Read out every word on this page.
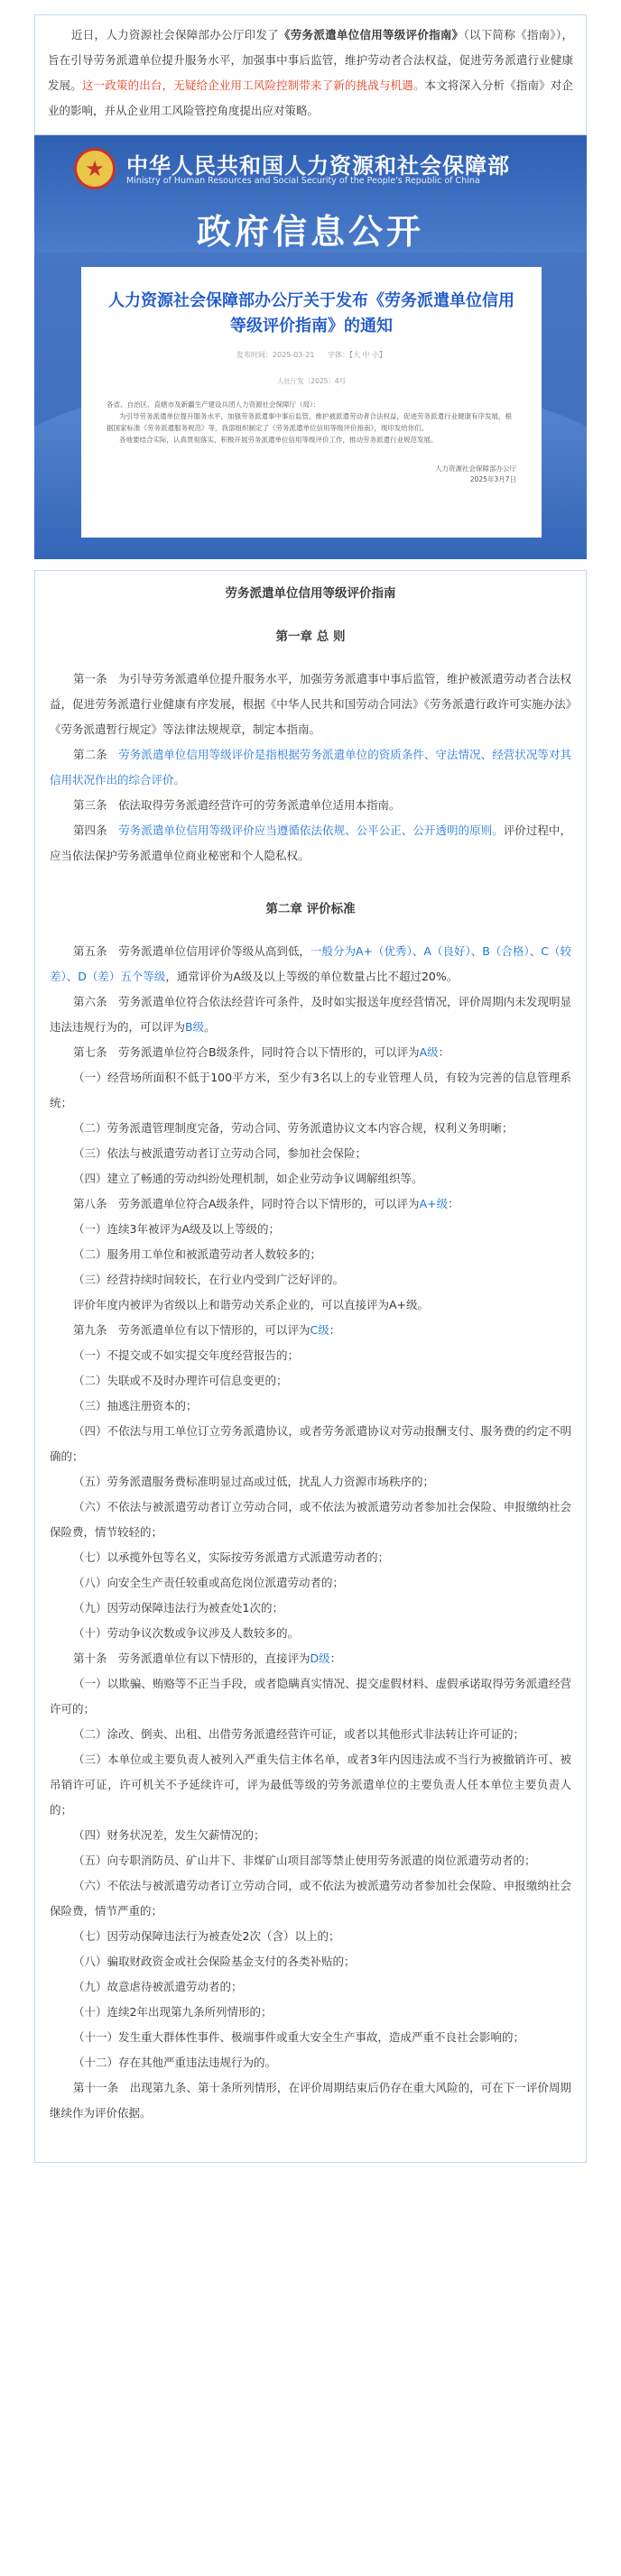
近日，人力资源社会保障部办公厅印发了《劳务派遣单位信用等级评价指南》（以下简称《指南》），旨在引导劳务派遣单位提升服务水平，加强事中事后监管，维护劳动者合法权益，促进劳务派遣行业健康发展。这一政策的出台，无疑给企业用工风险控制带来了新的挑战与机遇。本文将深入分析《指南》对企业的影响，并从企业用工风险管控角度提出应对策略。

★ 中华人民共和国人力资源和社会保障部
Ministry of Human Resources and Social Security of the People's Republic of China
政府信息公开
人力资源社会保障部办公厅关于发布《劳务派遣单位信用等级评价指南》的通知
发布时间：2025-03-21 字体：【大 中 小】
人社厅发〔2025〕4号
各省、自治区、直辖市及新疆生产建设兵团人力资源社会保障厅（局）：

为引导劳务派遣单位提升服务水平，加强劳务派遣事中事后监管，维护被派遣劳动者合法权益，促进劳务派遣行业健康有序发展，根据国家标准《劳务派遣服务规范》等，我部组织制定了《劳务派遣单位信用等级评价指南》，现印发给你们。

各地要结合实际，认真贯彻落实，积极开展劳务派遣单位信用等级评价工作，推动劳务派遣行业规范发展。

人力资源社会保障部办公厅
2025年3月7日
劳务派遣单位信用等级评价指南
第一章 总 则

第一条　为引导劳务派遣单位提升服务水平，加强劳务派遣事中事后监管，维护被派遣劳动者合法权益，促进劳务派遣行业健康有序发展，根据《中华人民共和国劳动合同法》《劳务派遣行政许可实施办法》《劳务派遣暂行规定》等法律法规规章，制定本指南。

第二条　劳务派遣单位信用等级评价是指根据劳务派遣单位的资质条件、守法情况、经营状况等对其信用状况作出的综合评价。

第三条　依法取得劳务派遣经营许可的劳务派遣单位适用本指南。

第四条　劳务派遣单位信用等级评价应当遵循依法依规、公平公正、公开透明的原则。评价过程中，应当依法保护劳务派遣单位商业秘密和个人隐私权。

第二章 评价标准

第五条　劳务派遣单位信用评价等级从高到低，一般分为A+（优秀）、A（良好）、B（合格）、C（较差）、D（差）五个等级，通常评价为A级及以上等级的单位数量占比不超过20%。

第六条　劳务派遣单位符合依法经营许可条件，及时如实报送年度经营情况，评价周期内未发现明显违法违规行为的，可以评为B级。

第七条　劳务派遣单位符合B级条件，同时符合以下情形的，可以评为A级：

（一）经营场所面积不低于100平方米，至少有3名以上的专业管理人员，有较为完善的信息管理系统；

（二）劳务派遣管理制度完备，劳动合同、劳务派遣协议文本内容合规，权利义务明晰；

（三）依法与被派遣劳动者订立劳动合同，参加社会保险；

（四）建立了畅通的劳动纠纷处理机制，如企业劳动争议调解组织等。

第八条　劳务派遣单位符合A级条件，同时符合以下情形的，可以评为A+级：

（一）连续3年被评为A级及以上等级的；

（二）服务用工单位和被派遣劳动者人数较多的；

（三）经营持续时间较长，在行业内受到广泛好评的。

评价年度内被评为省级以上和谐劳动关系企业的，可以直接评为A+级。

第九条　劳务派遣单位有以下情形的，可以评为C级：

（一）不提交或不如实提交年度经营报告的；

（二）失联或不及时办理许可信息变更的；

（三）抽逃注册资本的；

（四）不依法与用工单位订立劳务派遣协议，或者劳务派遣协议对劳动报酬支付、服务费的约定不明确的；

（五）劳务派遣服务费标准明显过高或过低，扰乱人力资源市场秩序的；

（六）不依法与被派遣劳动者订立劳动合同，或不依法为被派遣劳动者参加社会保险、申报缴纳社会保险费，情节较轻的；

（七）以承揽外包等名义，实际按劳务派遣方式派遣劳动者的；

（八）向安全生产责任较重或高危岗位派遣劳动者的；

（九）因劳动保障违法行为被查处1次的；

（十）劳动争议次数或争议涉及人数较多的。

第十条　劳务派遣单位有以下情形的，直接评为D级：

（一）以欺骗、贿赂等不正当手段，或者隐瞒真实情况、提交虚假材料、虚假承诺取得劳务派遣经营许可的；

（二）涂改、倒卖、出租、出借劳务派遣经营许可证，或者以其他形式非法转让许可证的；

（三）本单位或主要负责人被列入严重失信主体名单，或者3年内因违法或不当行为被撤销许可、被吊销许可证，许可机关不予延续许可，评为最低等级的劳务派遣单位的主要负责人任本单位主要负责人的；

（四）财务状况差，发生欠薪情况的；

（五）向专职消防员、矿山井下、非煤矿山项目部等禁止使用劳务派遣的岗位派遣劳动者的；

（六）不依法与被派遣劳动者订立劳动合同，或不依法为被派遣劳动者参加社会保险、申报缴纳社会保险费，情节严重的；

（七）因劳动保障违法行为被查处2次（含）以上的；

（八）骗取财政资金或社会保险基金支付的各类补贴的；

（九）故意虐待被派遣劳动者的；

（十）连续2年出现第九条所列情形的；

（十一）发生重大群体性事件、极端事件或重大安全生产事故，造成严重不良社会影响的；

（十二）存在其他严重违法违规行为的。

第十一条　出现第九条、第十条所列情形，在评价周期结束后仍存在重大风险的，可在下一评价周期继续作为评价依据。
